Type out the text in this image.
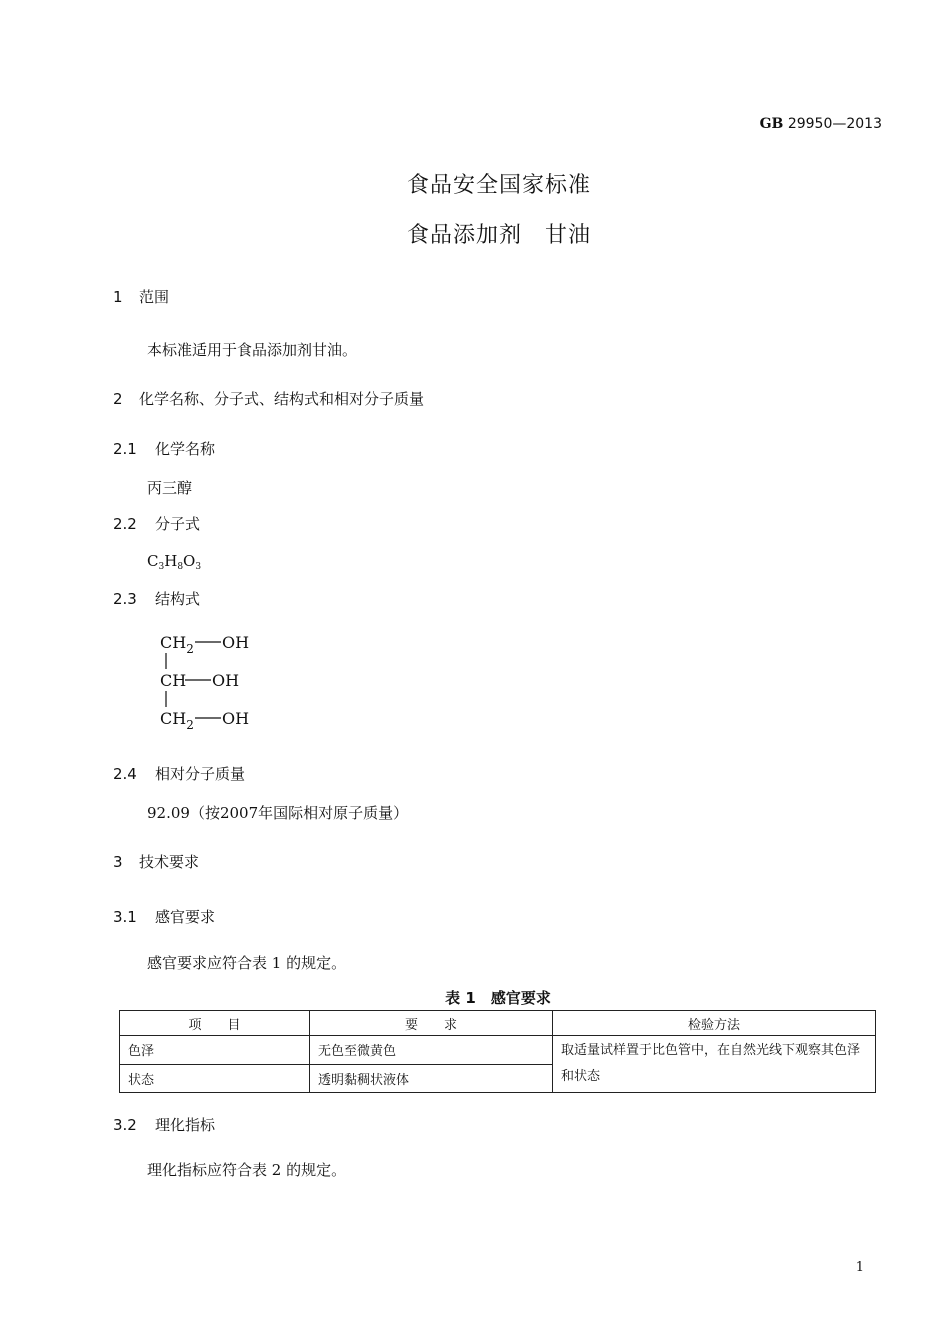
GB 29950—2013
食品安全国家标准
食品添加剂　甘油
1 范围
本标准适用于食品添加剂甘油。
2 化学名称、分子式、结构式和相对分子质量
2.1 化学名称
丙三醇
2.2 分子式
$C_3H_8O_3$
2.3 结构式
$CH_2$ OH
CH OH
$CH_2$ OH
2.4 相对分子质量
92.09（按2007年国际相对原子质量）
3 技术要求
3.1 感官要求
感官要求应符合表 1 的规定。
表 1　感官要求
项　　目	要　　求	检验方法
色泽	无色至微黄色	取适量试样置于比色管中，在自然光线下观察其色泽和状态
状态	透明黏稠状液体	
3.2 理化指标
理化指标应符合表 2 的规定。
1
